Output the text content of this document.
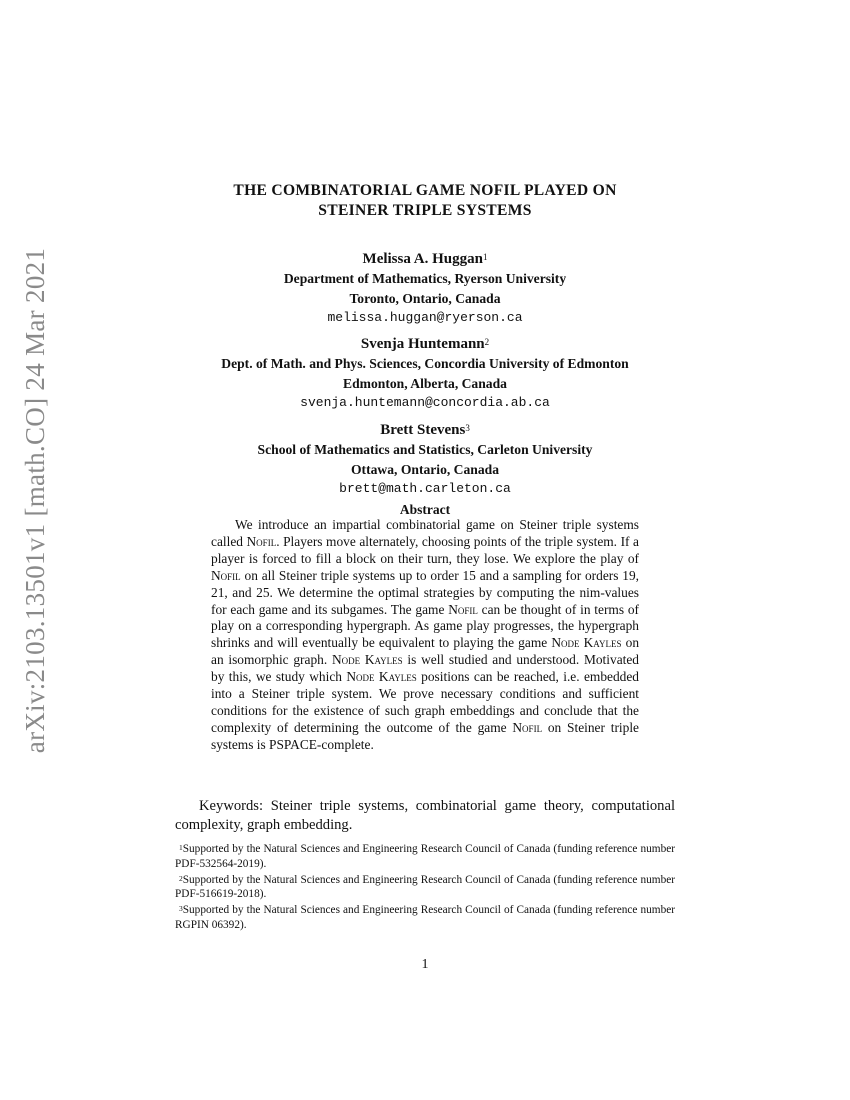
arXiv:2103.13501v1 [math.CO] 24 Mar 2021
THE COMBINATORIAL GAME NOFIL PLAYED ON
STEINER TRIPLE SYSTEMS
Melissa A. Huggan$^1$
Department of Mathematics, Ryerson University
Toronto, Ontario, Canada
melissa.huggan@ryerson.ca
Svenja Huntemann$^2$
Dept. of Math. and Phys. Sciences, Concordia University of Edmonton
Edmonton, Alberta, Canada
svenja.huntemann@concordia.ab.ca
Brett Stevens$^3$
School of Mathematics and Statistics, Carleton University
Ottawa, Ontario, Canada
brett@math.carleton.ca
Abstract
We introduce an impartial combinatorial game on Steiner triple systems called Nofil. Players move alternately, choosing points of the triple system. If a player is forced to fill a block on their turn, they lose. We explore the play of Nofil on all Steiner triple systems up to order 15 and a sampling for orders 19, 21, and 25. We determine the optimal strategies by computing the nim-values for each game and its subgames. The game Nofil can be thought of in terms of play on a corresponding hypergraph. As game play progresses, the hypergraph shrinks and will eventually be equivalent to playing the game Node Kayles on an isomorphic graph. Node Kayles is well studied and understood. Motivated by this, we study which Node Kayles positions can be reached, i.e. embedded into a Steiner triple system. We prove necessary conditions and sufficient conditions for the existence of such graph embeddings and conclude that the complexity of determining the outcome of the game Nofil on Steiner triple systems is PSPACE-complete.
Keywords: Steiner triple systems, combinatorial game theory, computational complexity, graph embedding.

$^1$Supported by the Natural Sciences and Engineering Research Council of Canada (funding reference number PDF-532564-2019).

$^2$Supported by the Natural Sciences and Engineering Research Council of Canada (funding reference number PDF-516619-2018).

$^3$Supported by the Natural Sciences and Engineering Research Council of Canada (funding reference number RGPIN 06392).

1
